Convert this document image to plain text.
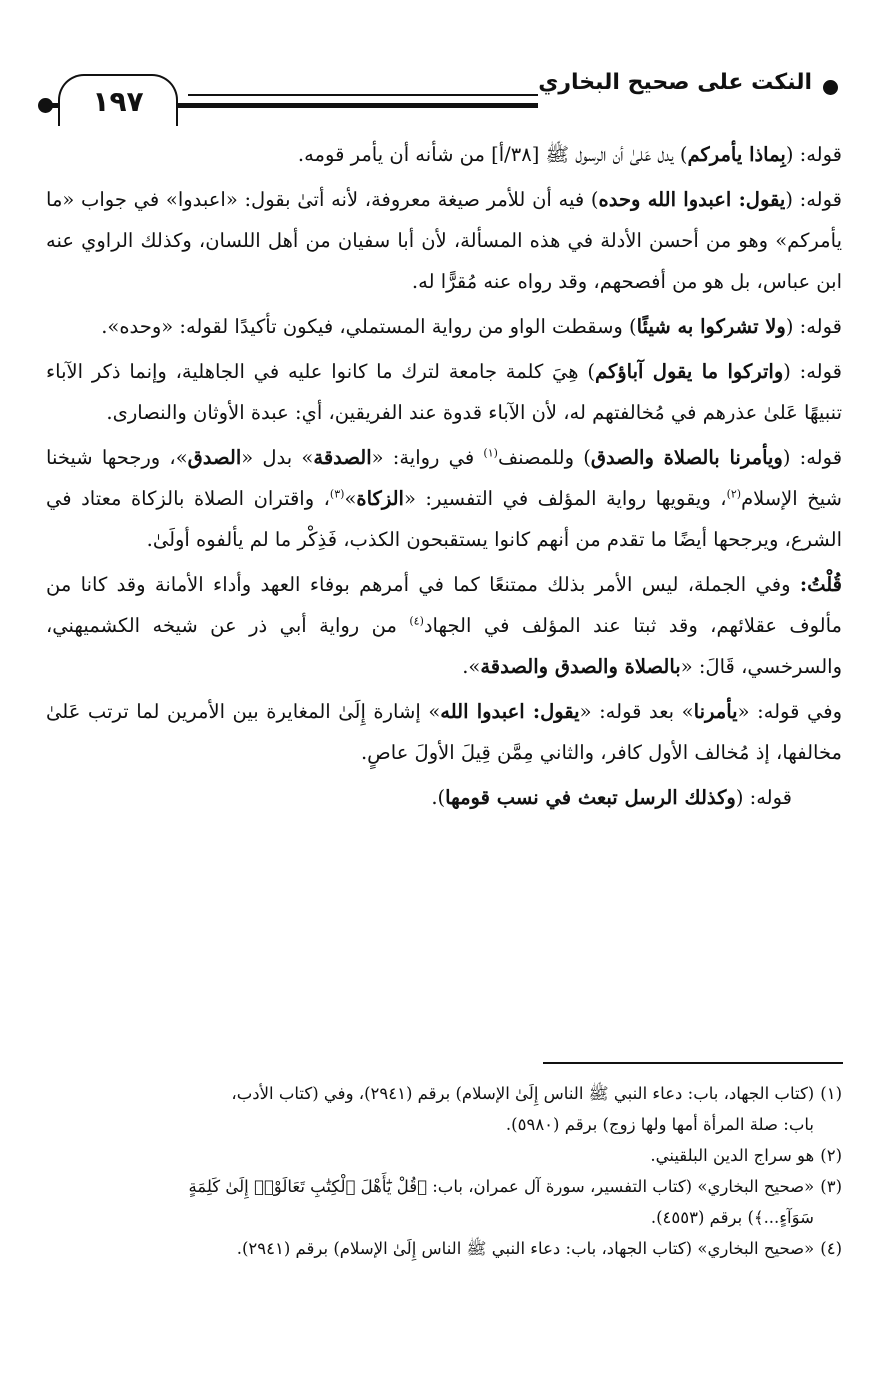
النكت على صحيح البخاري
١٩٧

قوله: (بِماذا يأمركم) يدل عَلىٰ أن الرسول ﷺ [٣٨/أ] من شأنه أن يأمر قومه.

قوله: (يقول: اعبدوا الله وحده) فيه أن للأمر صيغة معروفة، لأنه أتىٰ بقول: «اعبدوا» في جواب «ما يأمركم» وهو من أحسن الأدلة في هذه المسألة، لأن أبا سفيان من أهل اللسان، وكذلك الراوي عنه ابن عباس، بل هو من أفصحهم، وقد رواه عنه مُقرًّا له.

قوله: (ولا تشركوا به شيئًا) وسقطت الواو من رواية المستملي، فيكون تأكيدًا لقوله: «وحده».

قوله: (واتركوا ما يقول آباؤكم) هِيَ كلمة جامعة لترك ما كانوا عليه في الجاهلية، وإنما ذكر الآباء تنبيهًا عَلىٰ عذرهم في مُخالفتهم له، لأن الآباء قدوة عند الفريقين، أي: عبدة الأوثان والنصارى.

قوله: (ويأمرنا بالصلاة والصدق) وللمصنف$^{(١)}$ في رواية: «الصدقة» بدل «الصدق»، ورجحها شيخنا شيخ الإسلام$^{(٢)}$، ويقويها رواية المؤلف في التفسير: «الزكاة»$^{(٣)}$، واقتران الصلاة بالزكاة معتاد في الشرع، ويرجحها أيضًا ما تقدم من أنهم كانوا يستقبحون الكذب، فَذِكْر ما لم يألفوه أولَىٰ.

قُلْتُ: وفي الجملة، ليس الأمر بذلك ممتنعًا كما في أمرهم بوفاء العهد وأداء الأمانة وقد كانا من مألوف عقلائهم، وقد ثبتا عند المؤلف في الجهاد$^{(٤)}$ من رواية أبي ذر عن شيخه الكشميهني، والسرخسي، قَالَ: «بالصلاة والصدق والصدقة».

وفي قوله: «يأمرنا» بعد قوله: «يقول: اعبدوا الله» إشارة إِلَىٰ المغايرة بين الأمرين لما ترتب عَلىٰ مخالفها، إذ مُخالف الأول كافر، والثاني مِمَّن قِيلَ الأولَ عاصٍ.

قوله: (وكذلك الرسل تبعث في نسب قومها).

(١)(كتاب الجهاد، باب: دعاء النبي ﷺ الناس إِلَىٰ الإسلام) برقم (٢٩٤١)، وفي (كتاب الأدب،
باب: صلة المرأة أمها ولها زوج) برقم (٥٩٨٠).

(٢)هو سراج الدين البلقيني.

(٣)«صحيح البخاري» (كتاب التفسير، سورة آل عمران، باب: ﴿قُلْ يَٰٓأَهْلَ ٱلْكِتَٰبِ تَعَالَوْا۟ إِلَىٰ كَلِمَةٍ
سَوَآءٍ...﴾) برقم (٤٥٥٣).

(٤)«صحيح البخاري» (كتاب الجهاد، باب: دعاء النبي ﷺ الناس إِلَىٰ الإسلام) برقم (٢٩٤١).
